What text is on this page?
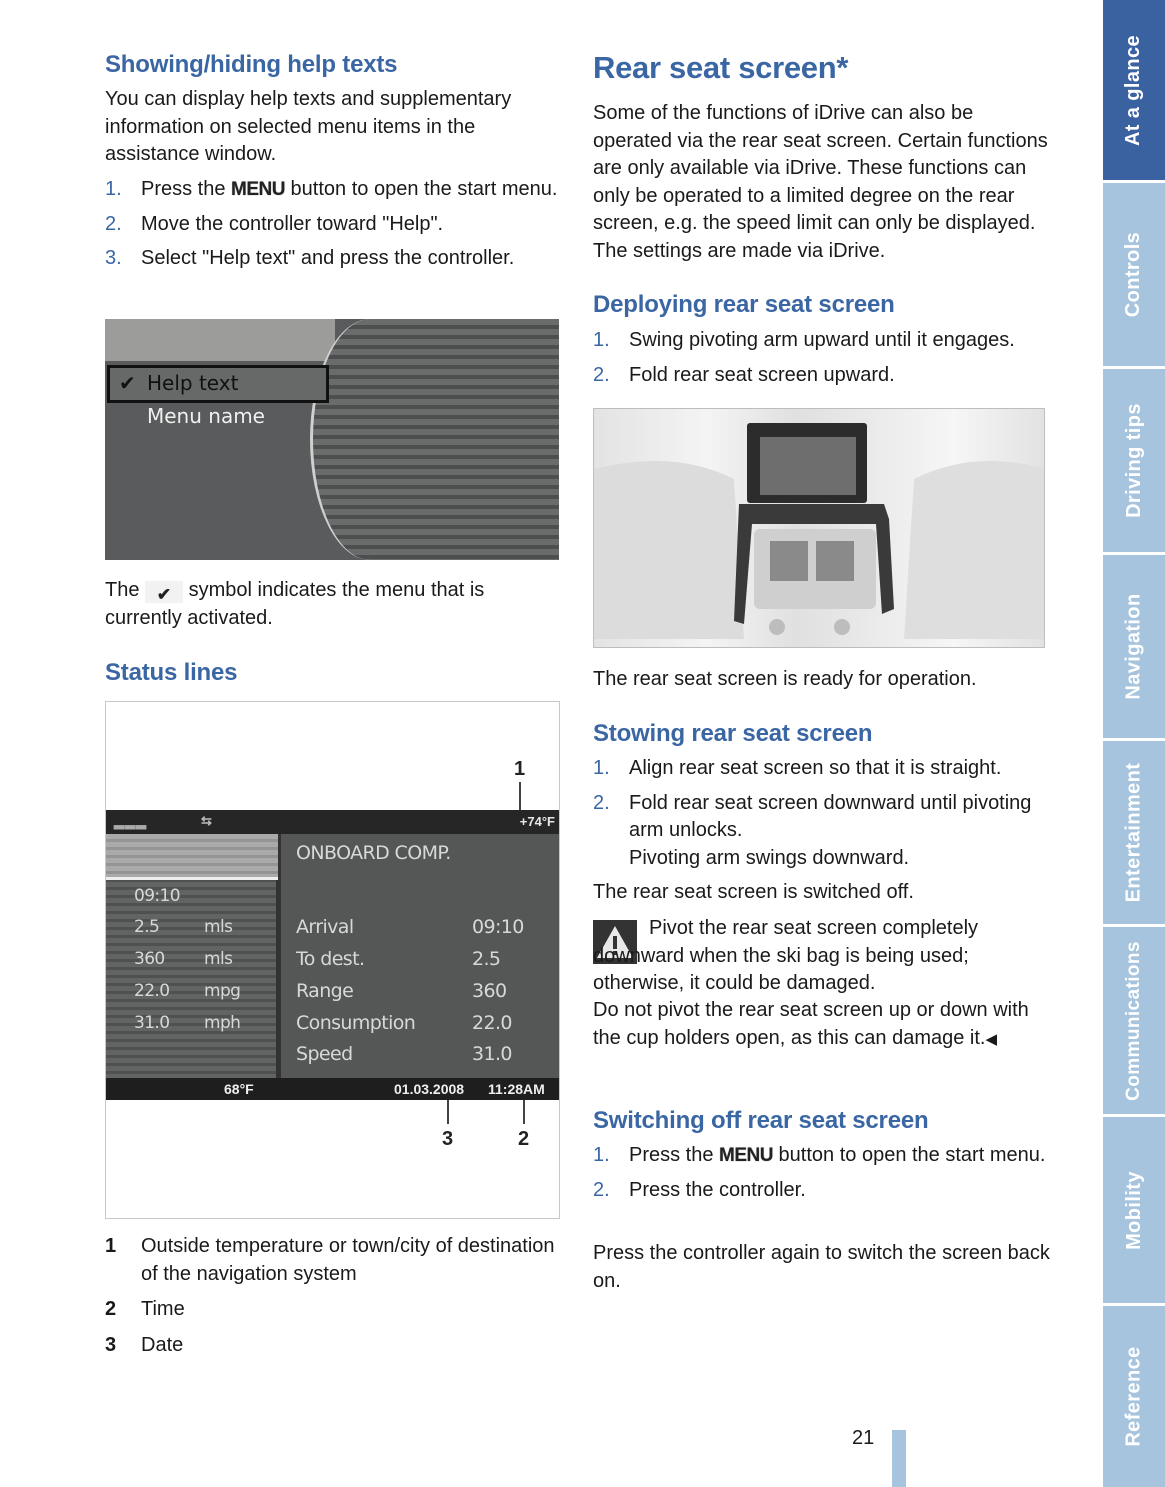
Showing/hiding help texts
You can display help texts and supplementary information on selected menu items in the assistance window.
1. Press the MENU button to open the start menu.
2. Move the controller toward "Help".
3. Select "Help text" and press the controller.
✔ Help text
Menu name
The ✔ symbol indicates the menu that is currently activated.
Status lines
1
▂▂▂	⇆	+74°F
09:10
2.5	mls
360 mls
22.0 mpg
31.0 mph
ONBOARD COMP.
Arrival	09:10
To dest.	2.5
Range	360
Consumption	22.0
Speed	31.0
68°F	01.03.2008 11:28AM
3	2
1 Outside temperature or town/city of destination of the navigation system
2 Time
3 Date
Rear seat screen*
Some of the functions of iDrive can also be operated via the rear seat screen. Certain functions are only available via iDrive. These functions can only be operated to a limited degree on the rear screen, e.g. the speed limit can only be displayed. The settings are made via iDrive.
Deploying rear seat screen
1. Swing pivoting arm upward until it engages.
2. Fold rear seat screen upward.
The rear seat screen is ready for operation.
Stowing rear seat screen
1. Align rear seat screen so that it is straight.
2. Fold rear seat screen downward until pivoting arm unlocks.
Pivoting arm swings downward.
The rear seat screen is switched off.
Pivot the rear seat screen completely downward when the ski bag is being used; otherwise, it could be damaged.
Do not pivot the rear seat screen up or down with the cup holders open, as this can damage it.◀
Switching off rear seat screen
1. Press the MENU button to open the start menu.
2. Press the controller.
Press the controller again to switch the screen back on.
At a glance
Controls
Driving tips
Navigation
Entertainment
Communications
Mobility
Reference
21
